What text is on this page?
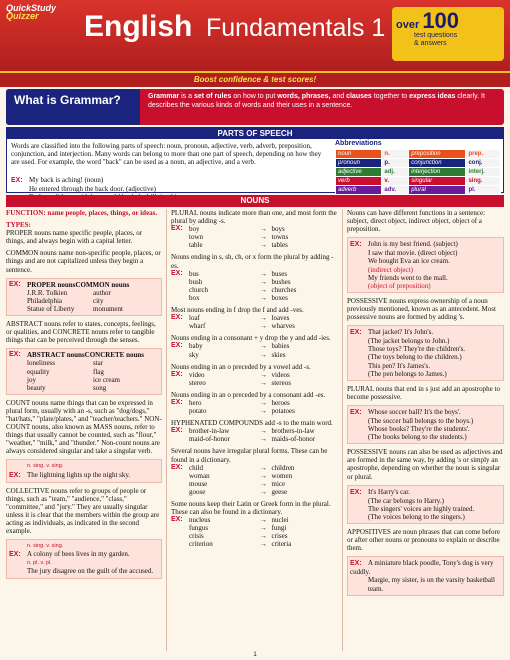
QuickStudy
Quizzer	English Fundamentals 1 over 100
test questions
& answers
Boost confidence & test scores!
What is Grammar?	Grammar is a set of rules on how to put words, phrases, and clauses together to express ideas clearly. It describes the various kinds of words and their uses in a sentence.
PARTS OF SPEECH
Words are classified into the following parts of speech: noun, pronoun, adjective, verb, adverb, preposition, conjunction, and interjection. Many words can belong to more than one part of speech, depending on how they are used. For example, the word "back" can be used as a noun, an adjective, and a verb.
EX: My back is aching! (noun)
He entered through the back door. (adjective)
Abbreviations
noun	n.	preposition	prep.
pronoun	p.	conjunction	conj.
adjective	adj.	interjection	interj.
verb	v.	singular	sing.
adverb	adv.	plural	pl.
NOUNS
FUNCTION: name people, places, things, or ideas.
TYPES:
PROPER nouns name specific people, places, or things, and always begin with a capital letter.
COMMON nouns name non-specific people, places, or things and are not capitalized unless they begin a sentence.
EX: PROPER nouns COMMON nouns
J.R.R. Tolkien	author
Philadelphia	city
Statue of Liberty	monument
ABSTRACT nouns refer to states, concepts, feelings, or qualities, and CONCRETE nouns refer to tangible things that can be perceived through the senses.
EX: ABSTRACT nouns CONCRETE nouns
loneliness	star
equality	flag
joy	ice cream
beauty	song
COUNT nouns name things that can be expressed in plural form, usually with an -s, such as "dog/dogs," "hat/hats," "plate/plates," and "teacher/teachers." NON-COUNT nouns, also known as MASS nouns, refer to things that usually cannot be counted, such as "flour," "weather," "milk," and "thunder." Non-count nouns are always considered singular and take a singular verb.
n. sing. v. sing.
EX: The lightning lights up the night sky.
COLLECTIVE nouns refer to groups of people or things, such as "team," "audience," "class," "committee," and "jury." They are usually singular unless it is clear that the members within the group are acting as individuals, as indicated in the second example.
n. sing. v. sing.
EX: A colony of bees lives in my garden.
n. pl. v. pl.
The jury disagree on the guilt of the accused.
PLURAL nouns indicate more than one, and most form the plural by adding -s.
EX: boy	→ boys
town	→ towns
table	→ tables
Nouns ending in s, sh, ch, or x form the plural by adding -es.
EX: bus	→ buses
bush	→ bushes
church	→ churches
box	→ boxes
Most nouns ending in f drop the f and add -ves.
EX: loaf	→ loaves
wharf	→ wharves
Nouns ending in a consonant + y drop the y and add -ies.
EX: baby	→ babies
sky	→ skies
Nouns ending in an o preceded by a vowel add -s.
EX: video	→ videos
stereo	→ stereos
Nouns ending in an o preceded by a consonant add -es.
EX: hero	→ heroes
potato	→ potatoes
HYPHENATED COMPOUNDS add -s to the main word.
EX: brother-in-law	→ brothers-in-law
maid-of-honor	→ maids-of-honor
Several nouns have irregular plural forms. These can be found in a dictionary.
EX: child	→ children
woman	→ women
mouse	→ mice
goose	→ geese
Some nouns keep their Latin or Greek form in the plural. These can also be found in a dictionary.
EX: nucleus	→ nuclei
fungus	→ fungi
crisis	→ crises
criterion	→ criteria
Nouns can have different functions in a sentence: subject, direct object, indirect object, object of a preposition.
EX: John is my best friend. (subject)
I saw that movie. (direct object)
We bought Eva an ice cream.
(indirect object)
My friends went to the mall.
(object of preposition)
POSSESSIVE nouns express ownership of a noun previously mentioned, known as an antecedent. Most possessive nouns are formed by adding 's.
EX: That jacket? It's John's.
(The jacket belongs to John.)
Those toys? They're the children's.
(The toys belong to the children.)
This pen? It's James's.
(The pen belongs to James.)
PLURAL nouns that end in s just add an apostrophe to become possessive.
EX: Whose soccer ball? It's the boys'.
(The soccer ball belongs to the boys.)
Whose books? They're the students'.
(The books belong to the students.)
POSSESSIVE nouns can also be used as adjectives and are formed in the same way, by adding 's or simply an apostrophe, depending on whether the noun is singular or plural.
EX: It's Harry's car.
(The car belongs to Harry.)
The singers' voices are highly trained.
(The voices belong to the singers.)
APPOSITIVES are noun phrases that can come before or after other nouns or pronouns to explain or describe them.
EX: A miniature black poodle, Tony's dog is very cuddly.
Margie, my sister, is on the varsity basketball team.
1
